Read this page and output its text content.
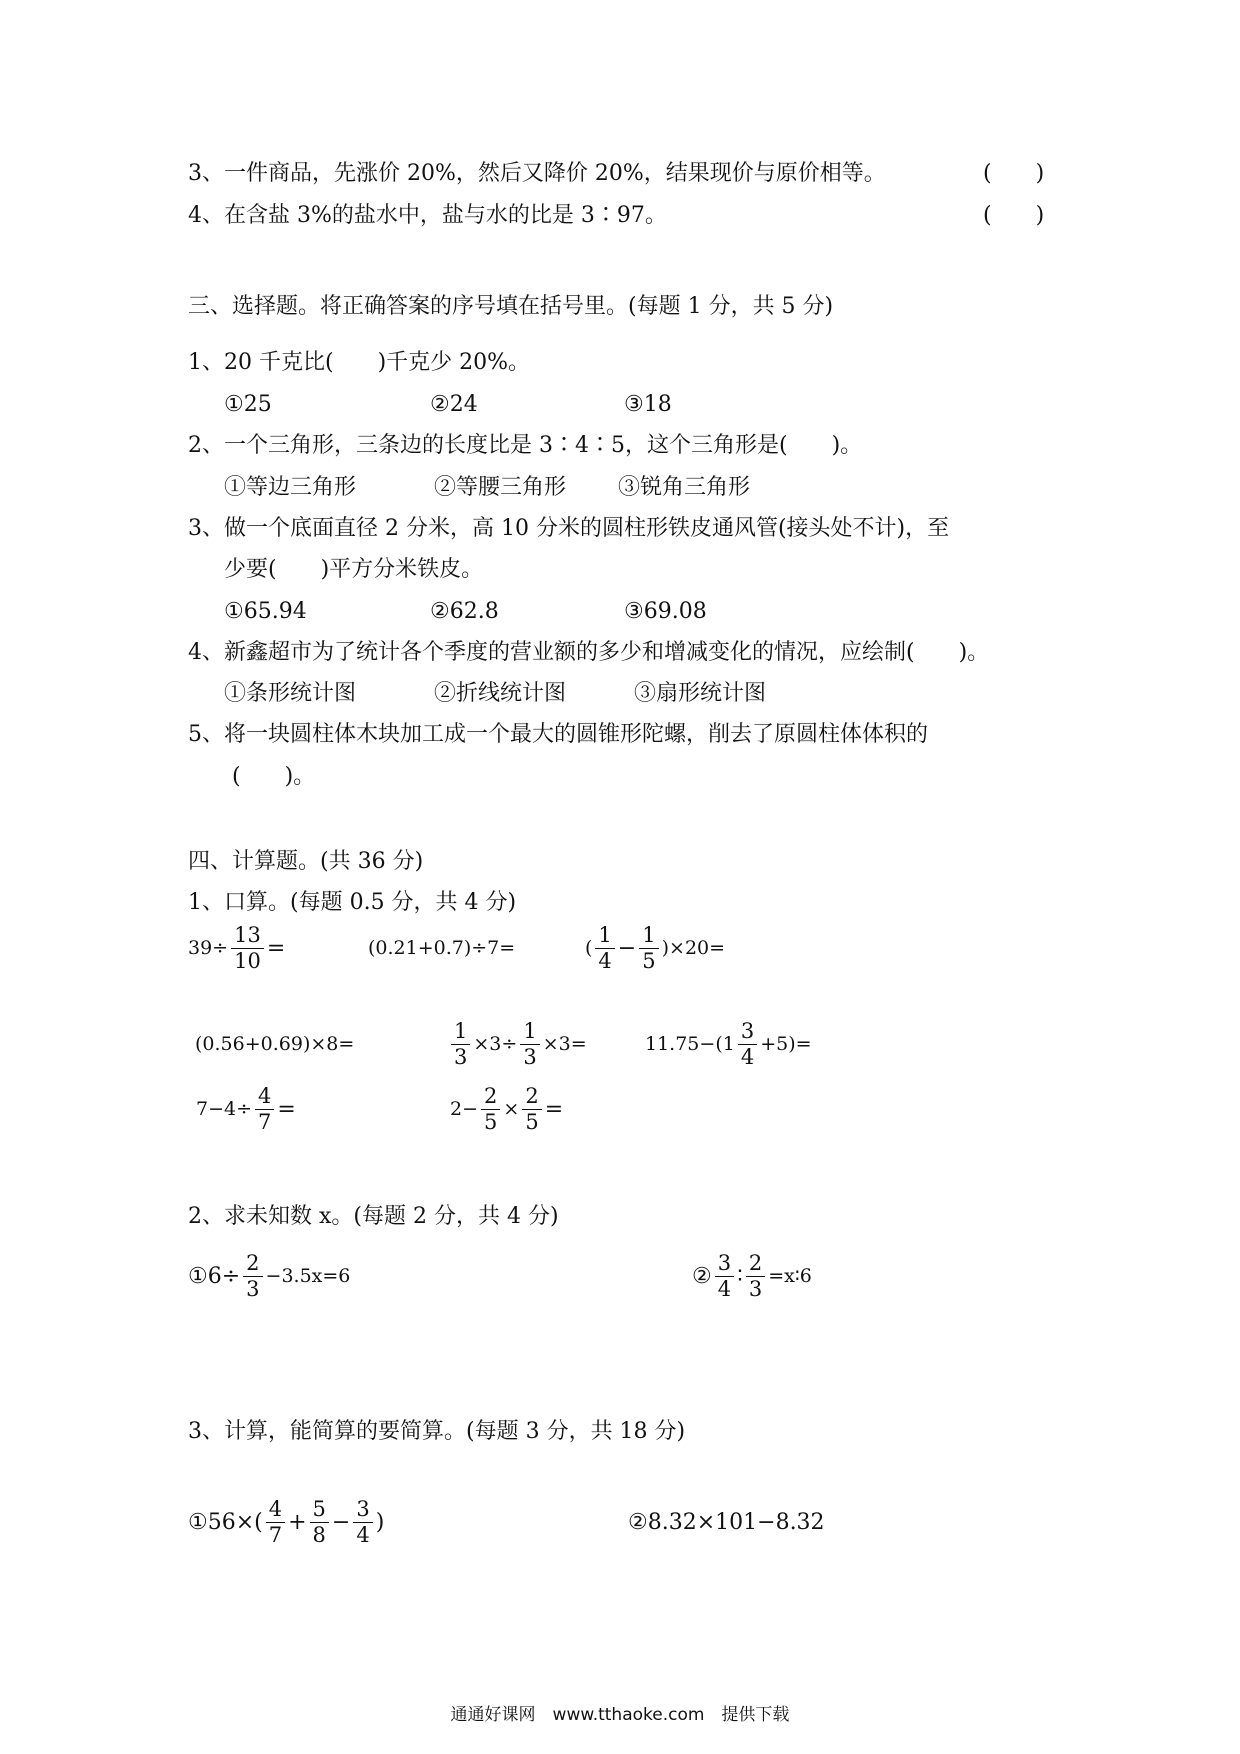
3、一件商品，先涨价 20%，然后又降价 20%，结果现价与原价相等。	(　　)
4、在含盐 3%的盐水中，盐与水的比是 3∶97。	(　　)
三、选择题。将正确答案的序号填在括号里。(每题 1 分，共 5 分)
1、20 千克比(　　)千克少 20%。
①25	②24	③18
2、一个三角形，三条边的长度比是 3∶4∶5，这个三角形是(　　)。
①等边三角形	②等腰三角形 ③锐角三角形
3、做一个底面直径 2 分米，高 10 分米的圆柱形铁皮通风管(接头处不计)，至
少要(　　)平方分米铁皮。
①65.94	②62.8	③69.08
4、新鑫超市为了统计各个季度的营业额的多少和增减变化的情况，应绘制(　　)。
①条形统计图	②折线统计图	③扇形统计图
5、将一块圆柱体木块加工成一个最大的圆锥形陀螺，削去了原圆柱体体积的
(　　)。
四、计算题。(共 36 分)
1、口算。(每题 0.5 分，共 4 分)
$39\div \frac{13}{10}$ =	(0.21+0.7)÷7=	( $\frac{1}{4} - \frac{1}{5} )\times 20=$
(0.56+0.69)×8=	$\frac{1}{3} \times 3\div \frac{1}{3} \times 3=$	$11.75-(1 \frac{3}{4} +5)=$
$7-4\div \frac{4}{7}$ =	$2- \frac{2}{5} \times \frac{2}{5}$ =
2、求未知数 x。(每题 2 分，共 4 分)
①6÷ $\frac{2}{3} -3.5x=6$	② $\frac{3}{4}$ ∶ $\frac{2}{3}$ =x∶6
3、计算，能简算的要简算。(每题 3 分，共 18 分)
①56×( $\frac{4}{7} + \frac{5}{8} - \frac{3}{4}$ )	②8.32×101−8.32
通通好课网　www.tthaoke.com　提供下载
